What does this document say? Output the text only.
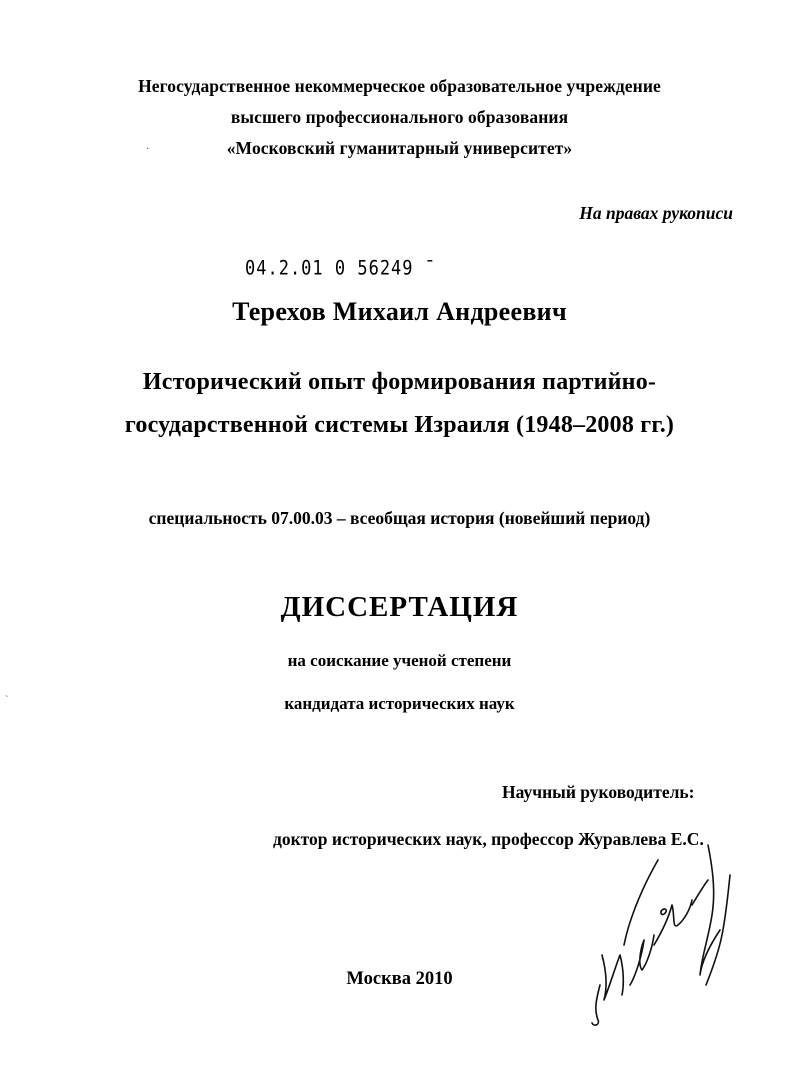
Негосударственное некоммерческое образовательное учреждение
высшего профессионального образования
«Московский гуманитарный университет»
·
На правах рукописи
04.2.01 0 56249 ˉ
Терехов Михаил Андреевич
Исторический опыт формирования партийно-
государственной системы Израиля (1948–2008 гг.)
специальность 07.00.03 – всеобщая история (новейший период)
ДИССЕРТАЦИЯ
на соискание ученой степени
кандидата исторических наук
`
Научный руководитель:
доктор исторических наук, профессор Журавлева Е.С.
Москва 2010
